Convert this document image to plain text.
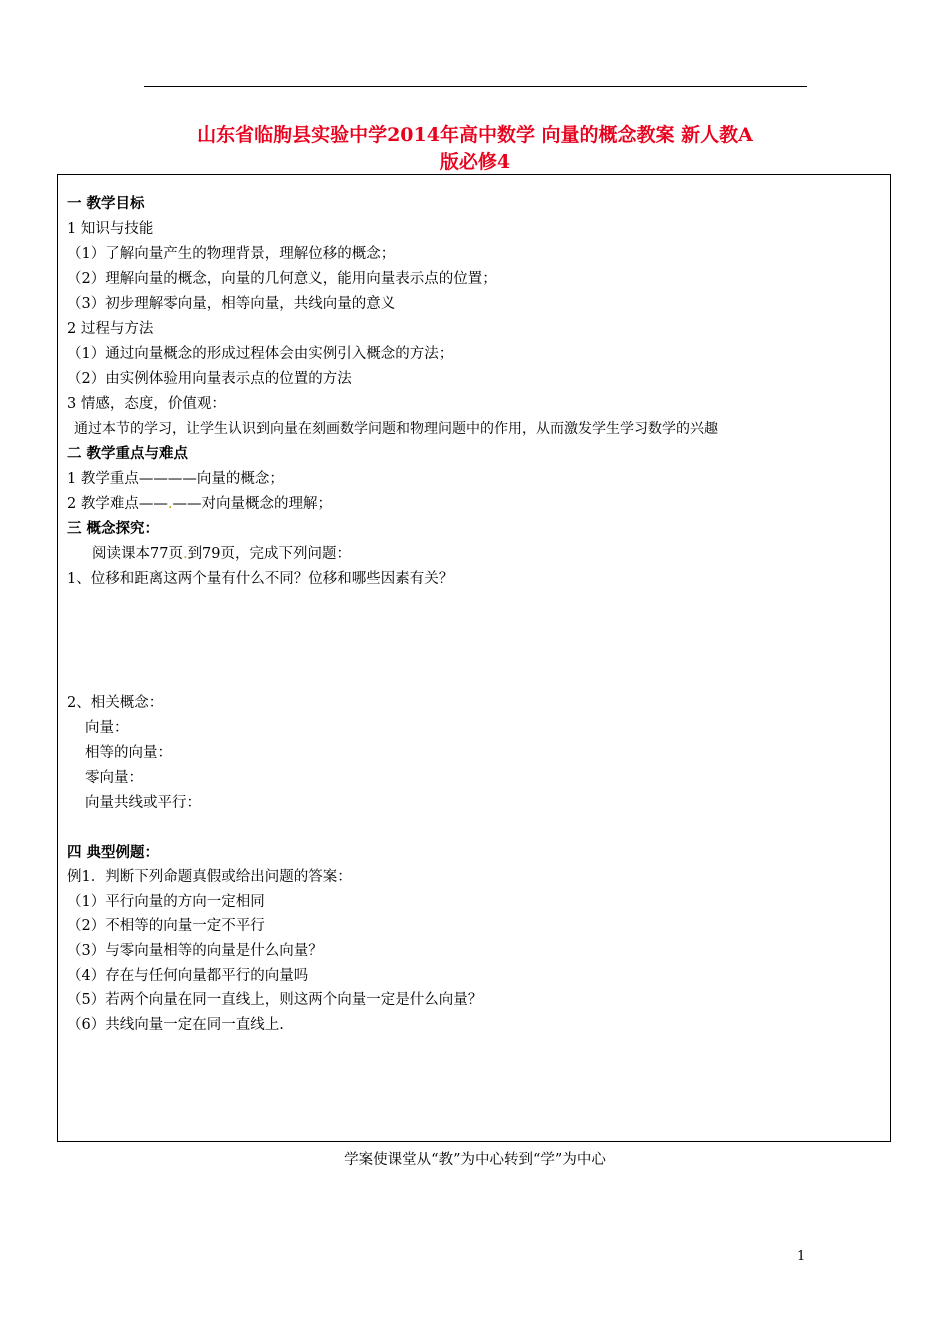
山东省临朐县实验中学2014年高中数学 向量的概念教案 新人教A
版必修4
一 教学目标
1 知识与技能
（1）了解向量产生的物理背景，理解位移的概念；
（2）理解向量的概念，向量的几何意义，能用向量表示点的位置；
（3）初步理解零向量，相等向量，共线向量的意义
2 过程与方法
（1）通过向量概念的形成过程体会由实例引入概念的方法；
（2）由实例体验用向量表示点的位置的方法
3 情感，态度，价值观：
通过本节的学习，让学生认识到向量在刻画数学问题和物理问题中的作用，从而激发学生学习数学的兴趣
二 教学重点与难点
1 教学重点————向量的概念；
2 教学难点——.——对向量概念的理解；
三 概念探究：
阅读课本77页.到79页，完成下列问题：
1、位移和距离这两个量有什么不同？位移和哪些因素有关？
2、相关概念：
向量：
相等的向量：
零向量：
向量共线或平行：
四 典型例题：
例1．判断下列命题真假或给出问题的答案：
（1）平行向量的方向一定相同
（2）不相等的向量一定不平行
（3）与零向量相等的向量是什么向量？
（4）存在与任何向量都平行的向量吗
（5）若两个向量在同一直线上，则这两个向量一定是什么向量？
（6）共线向量一定在同一直线上.
学案使课堂从“教”为中心转到“学”为中心
1
